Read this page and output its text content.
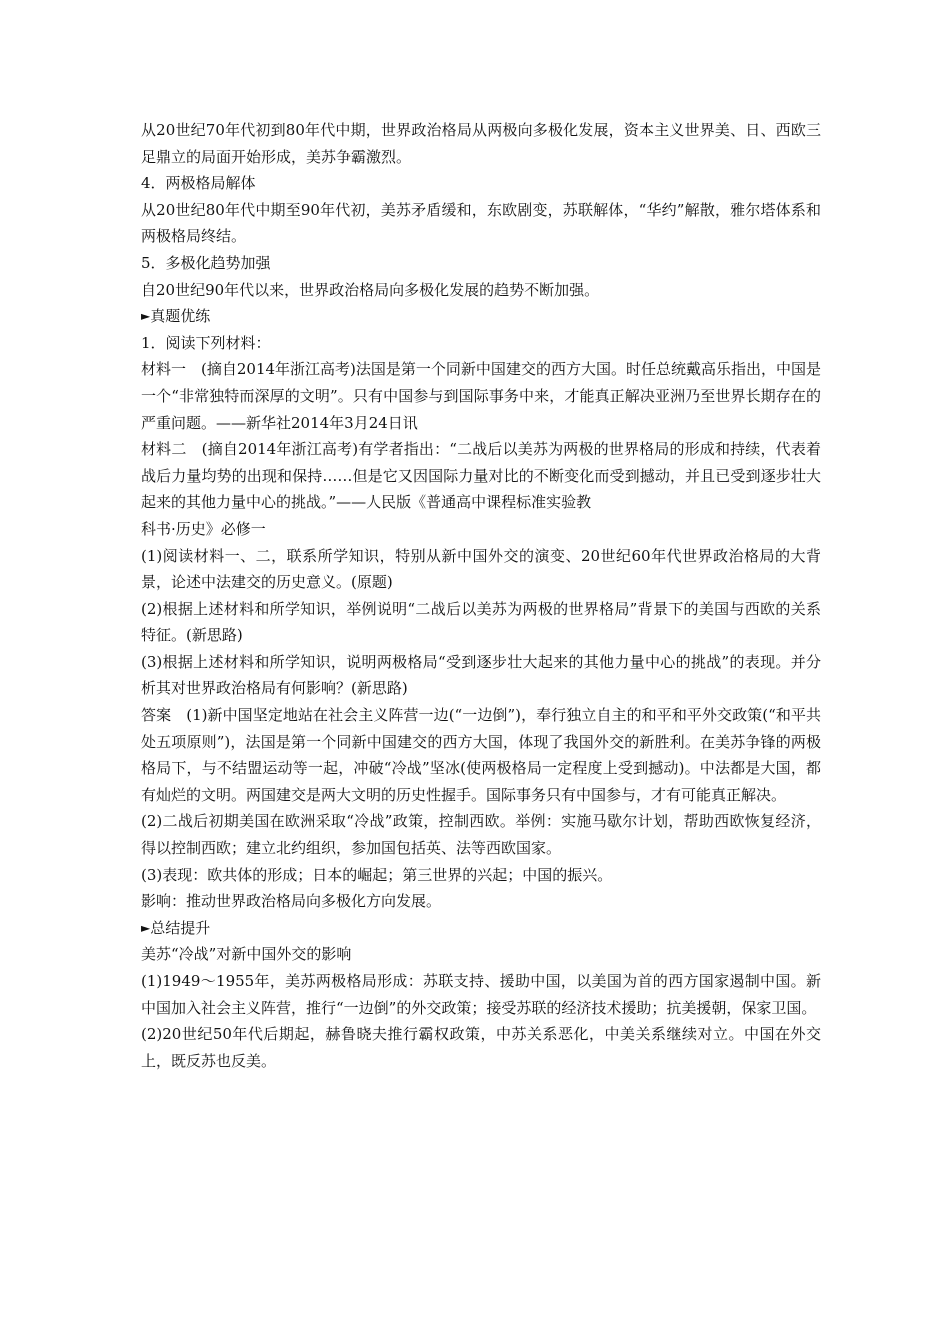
从20世纪70年代初到80年代中期，世界政治格局从两极向多极化发展，资本主义世界美、日、西欧三足鼎立的局面开始形成，美苏争霸激烈。

4．两极格局解体

从20世纪80年代中期至90年代初，美苏矛盾缓和，东欧剧变，苏联解体，“华约”解散，雅尔塔体系和两极格局终结。

5．多极化趋势加强

自20世纪90年代以来，世界政治格局向多极化发展的趋势不断加强。

►真题优练

1．阅读下列材料：

材料一　(摘自2014年浙江高考)法国是第一个同新中国建交的西方大国。时任总统戴高乐指出，中国是一个“非常独特而深厚的文明”。只有中国参与到国际事务中来，才能真正解决亚洲乃至世界长期存在的严重问题。——新华社2014年3月24日讯

材料二　(摘自2014年浙江高考)有学者指出：“二战后以美苏为两极的世界格局的形成和持续，代表着战后力量均势的出现和保持……但是它又因国际力量对比的不断变化而受到撼动，并且已受到逐步壮大起来的其他力量中心的挑战。”——人民版《普通高中课程标准实验教

科书·历史》必修一

(1)阅读材料一、二，联系所学知识，特别从新中国外交的演变、20世纪60年代世界政治格局的大背景，论述中法建交的历史意义。(原题)

(2)根据上述材料和所学知识，举例说明“二战后以美苏为两极的世界格局”背景下的美国与西欧的关系特征。(新思路)

(3)根据上述材料和所学知识，说明两极格局“受到逐步壮大起来的其他力量中心的挑战”的表现。并分析其对世界政治格局有何影响？(新思路)

答案　(1)新中国坚定地站在社会主义阵营一边(“一边倒”)，奉行独立自主的和平和平外交政策(“和平共处五项原则”)，法国是第一个同新中国建交的西方大国，体现了我国外交的新胜利。在美苏争锋的两极格局下，与不结盟运动等一起，冲破“冷战”坚冰(使两极格局一定程度上受到撼动)。中法都是大国，都有灿烂的文明。两国建交是两大文明的历史性握手。国际事务只有中国参与，才有可能真正解决。

(2)二战后初期美国在欧洲采取“冷战”政策，控制西欧。举例：实施马歇尔计划，帮助西欧恢复经济，得以控制西欧；建立北约组织，参加国包括英、法等西欧国家。

(3)表现：欧共体的形成；日本的崛起；第三世界的兴起；中国的振兴。

影响：推动世界政治格局向多极化方向发展。

►总结提升

美苏“冷战”对新中国外交的影响

(1)1949～1955年，美苏两极格局形成：苏联支持、援助中国，以美国为首的西方国家遏制中国。新中国加入社会主义阵营，推行“一边倒”的外交政策；接受苏联的经济技术援助；抗美援朝，保家卫国。

(2)20世纪50年代后期起，赫鲁晓夫推行霸权政策，中苏关系恶化，中美关系继续对立。中国在外交上，既反苏也反美。
